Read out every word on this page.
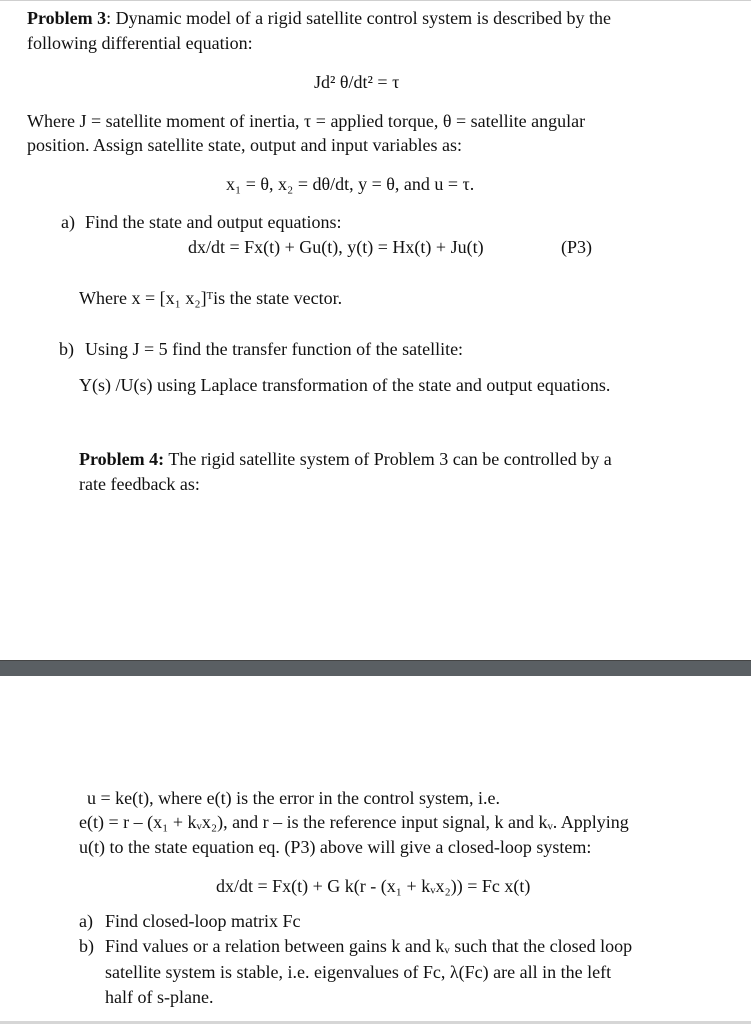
Problem 3: Dynamic model of a rigid satellite control system is described by the
following differential equation:
Jd² θ/dt² = τ
Where J = satellite moment of inertia, τ = applied torque, θ = satellite angular
position. Assign satellite state, output and input variables as:
x₁ = θ, x₂ = dθ/dt, y = θ, and u = τ.
a) Find the state and output equations:
dx/dt = Fx(t) + Gu(t), y(t) = Hx(t) + Ju(t)	(P3)
Where x = [x₁ x₂]ᵀis the state vector.
b) Using J = 5 find the transfer function of the satellite:
Y(s) /U(s) using Laplace transformation of the state and output equations.
Problem 4: The rigid satellite system of Problem 3 can be controlled by a
rate feedback as:
u = ke(t), where e(t) is the error in the control system, i.e.
e(t) = r – (x₁ + kᵥx₂), and r – is the reference input signal, k and kᵥ. Applying
u(t) to the state equation eq. (P3) above will give a closed-loop system:
dx/dt = Fx(t) + G k(r - (x₁ + kᵥx₂)) = Fc x(t)
a) Find closed-loop matrix Fc
b) Find values or a relation between gains k and kᵥ such that the closed loop
satellite system is stable, i.e. eigenvalues of Fc, λ(Fc) are all in the left
half of s-plane.
